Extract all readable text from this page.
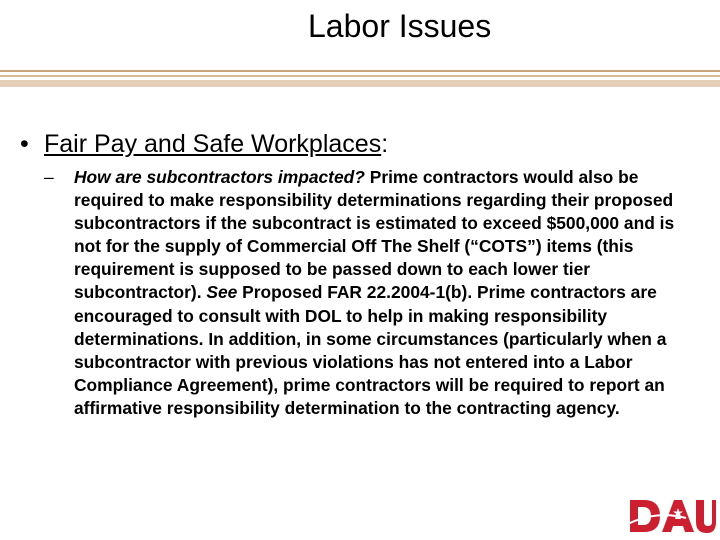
Labor Issues
• Fair Pay and Safe Workplaces:
–	How are subcontractors impacted? Prime contractors would also be required to make responsibility determinations regarding their proposed subcontractors if the subcontract is estimated to exceed $500,000 and is not for the supply of Commercial Off The Shelf (“COTS”) items (this requirement is supposed to be passed down to each lower tier subcontractor). See Proposed FAR 22.2004-1(b). Prime contractors are encouraged to consult with DOL to help in making responsibility determinations. In addition, in some circumstances (particularly when a subcontractor with previous violations has not entered into a Labor Compliance Agreement), prime contractors will be required to report an affirmative responsibility determination to the contracting agency.
